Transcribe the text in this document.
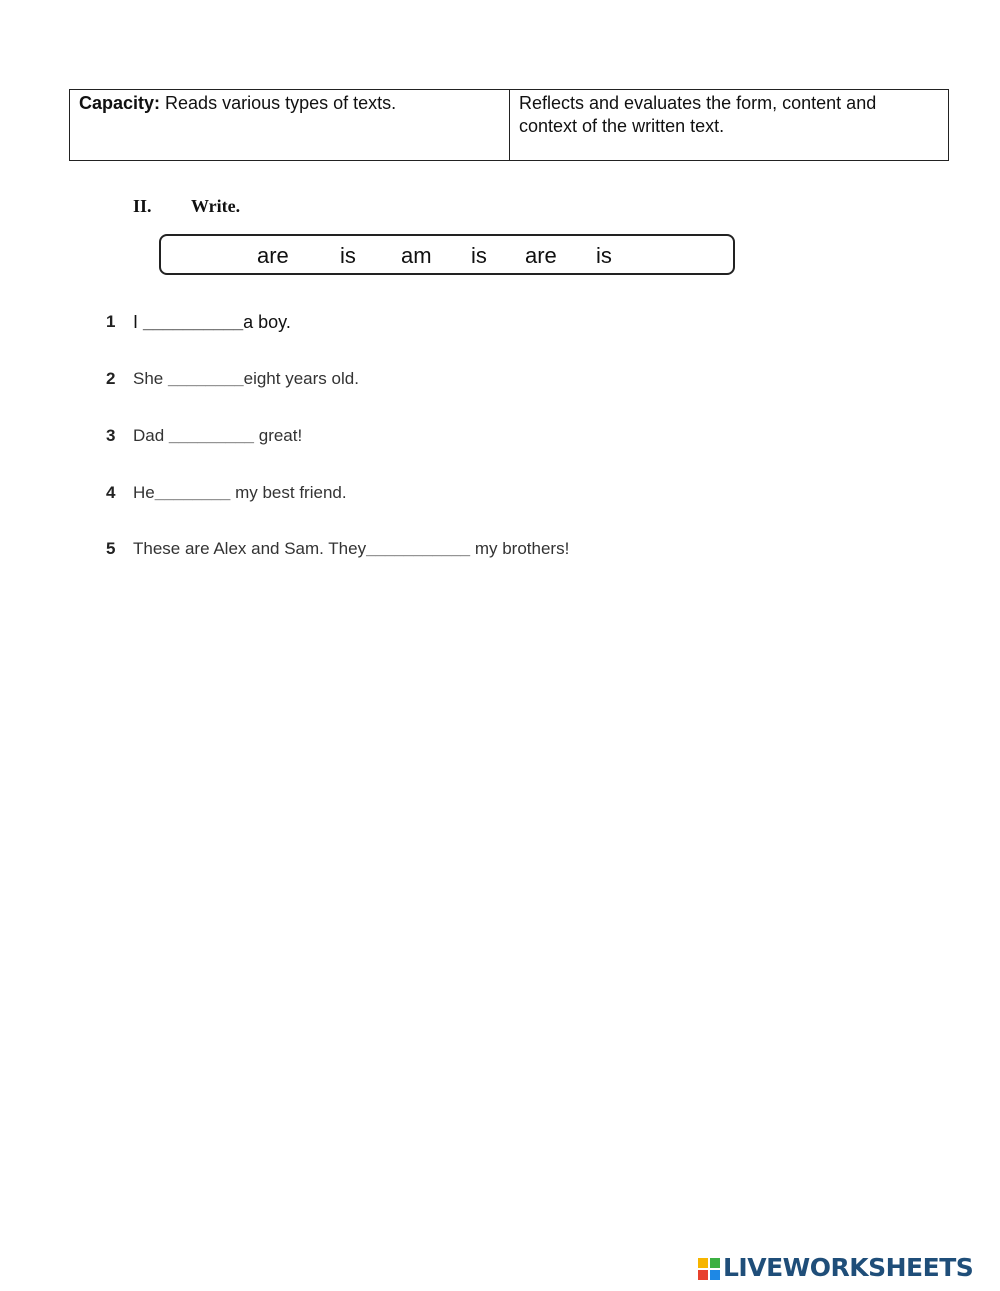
Capacity: Reads various types of texts.	Reflects and evaluates the form, content and context of the written text.
II. Write.
are is am is are is
1 I __________a boy.
2 She ________eight years old.
3 Dad _________ great!
4 He________ my best friend.
5 These are Alex and Sam. They___________ my brothers!
LIVEWORKSHEETS
